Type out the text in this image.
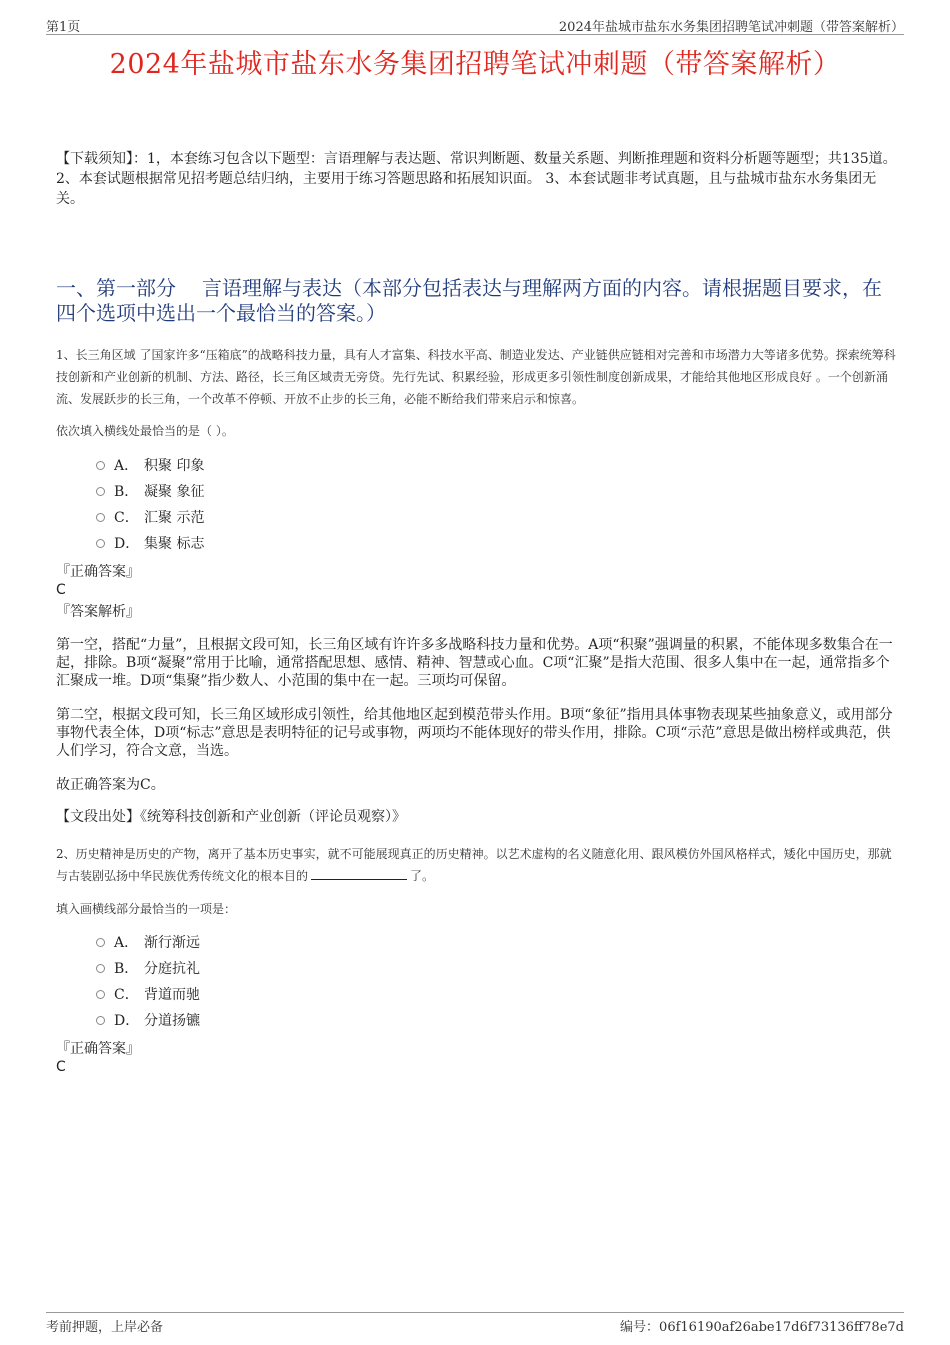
第1页	2024年盐城市盐东水务集团招聘笔试冲刺题（带答案解析）
2024年盐城市盐东水务集团招聘笔试冲刺题（带答案解析）
【下载须知】：1，本套练习包含以下题型：言语理解与表达题、常识判断题、数量关系题、判断推理题和资料分析题等题型；共135道。 2、本套试题根据常见招考题总结归纳，主要用于练习答题思路和拓展知识面。 3、本套试题非考试真题，且与盐城市盐东水务集团无关。
一、第一部分 言语理解与表达（本部分包括表达与理解两方面的内容。请根据题目要求，在四个选项中选出一个最恰当的答案。）
1、长三角区域 了国家许多“压箱底”的战略科技力量，具有人才富集、科技水平高、制造业发达、产业链供应链相对完善和市场潜力大等诸多优势。探索统筹科技创新和产业创新的机制、方法、路径，长三角区域责无旁贷。先行先试、积累经验，形成更多引领性制度创新成果，才能给其他地区形成良好 。一个创新涌流、发展跃步的长三角，一个改革不停顿、开放不止步的长三角，必能不断给我们带来启示和惊喜。
依次填入横线处最恰当的是（ ）。
A． 积聚 印象
B． 凝聚 象征
C． 汇聚 示范
D． 集聚 标志
『正确答案』
C
『答案解析』

第一空，搭配“力量”，且根据文段可知，长三角区域有许许多多战略科技力量和优势。A项“积聚”强调量的积累，不能体现多数集合在一起，排除。B项“凝聚”常用于比喻，通常搭配思想、感情、精神、智慧或心血。C项“汇聚”是指大范围、很多人集中在一起，通常指多个汇聚成一堆。D项“集聚”指少数人、小范围的集中在一起。三项均可保留。

第二空，根据文段可知，长三角区域形成引领性，给其他地区起到模范带头作用。B项“象征”指用具体事物表现某些抽象意义，或用部分事物代表全体，D项“标志”意思是表明特征的记号或事物，两项均不能体现好的带头作用，排除。C项“示范”意思是做出榜样或典范，供人们学习，符合文意，当选。

故正确答案为C。

【文段出处】《统筹科技创新和产业创新（评论员观察）》

2、历史精神是历史的产物，离开了基本历史事实，就不可能展现真正的历史精神。以艺术虚构的名义随意化用、跟风模仿外国风格样式，矮化中国历史，那就与古装剧弘扬中华民族优秀传统文化的根本目的	了。
填入画横线部分最恰当的一项是：
A． 渐行渐远
B． 分庭抗礼
C． 背道而驰
D． 分道扬镳
『正确答案』
C
考前押题，上岸必备	编号：06f16190af26abe17d6f73136ff78e7d
